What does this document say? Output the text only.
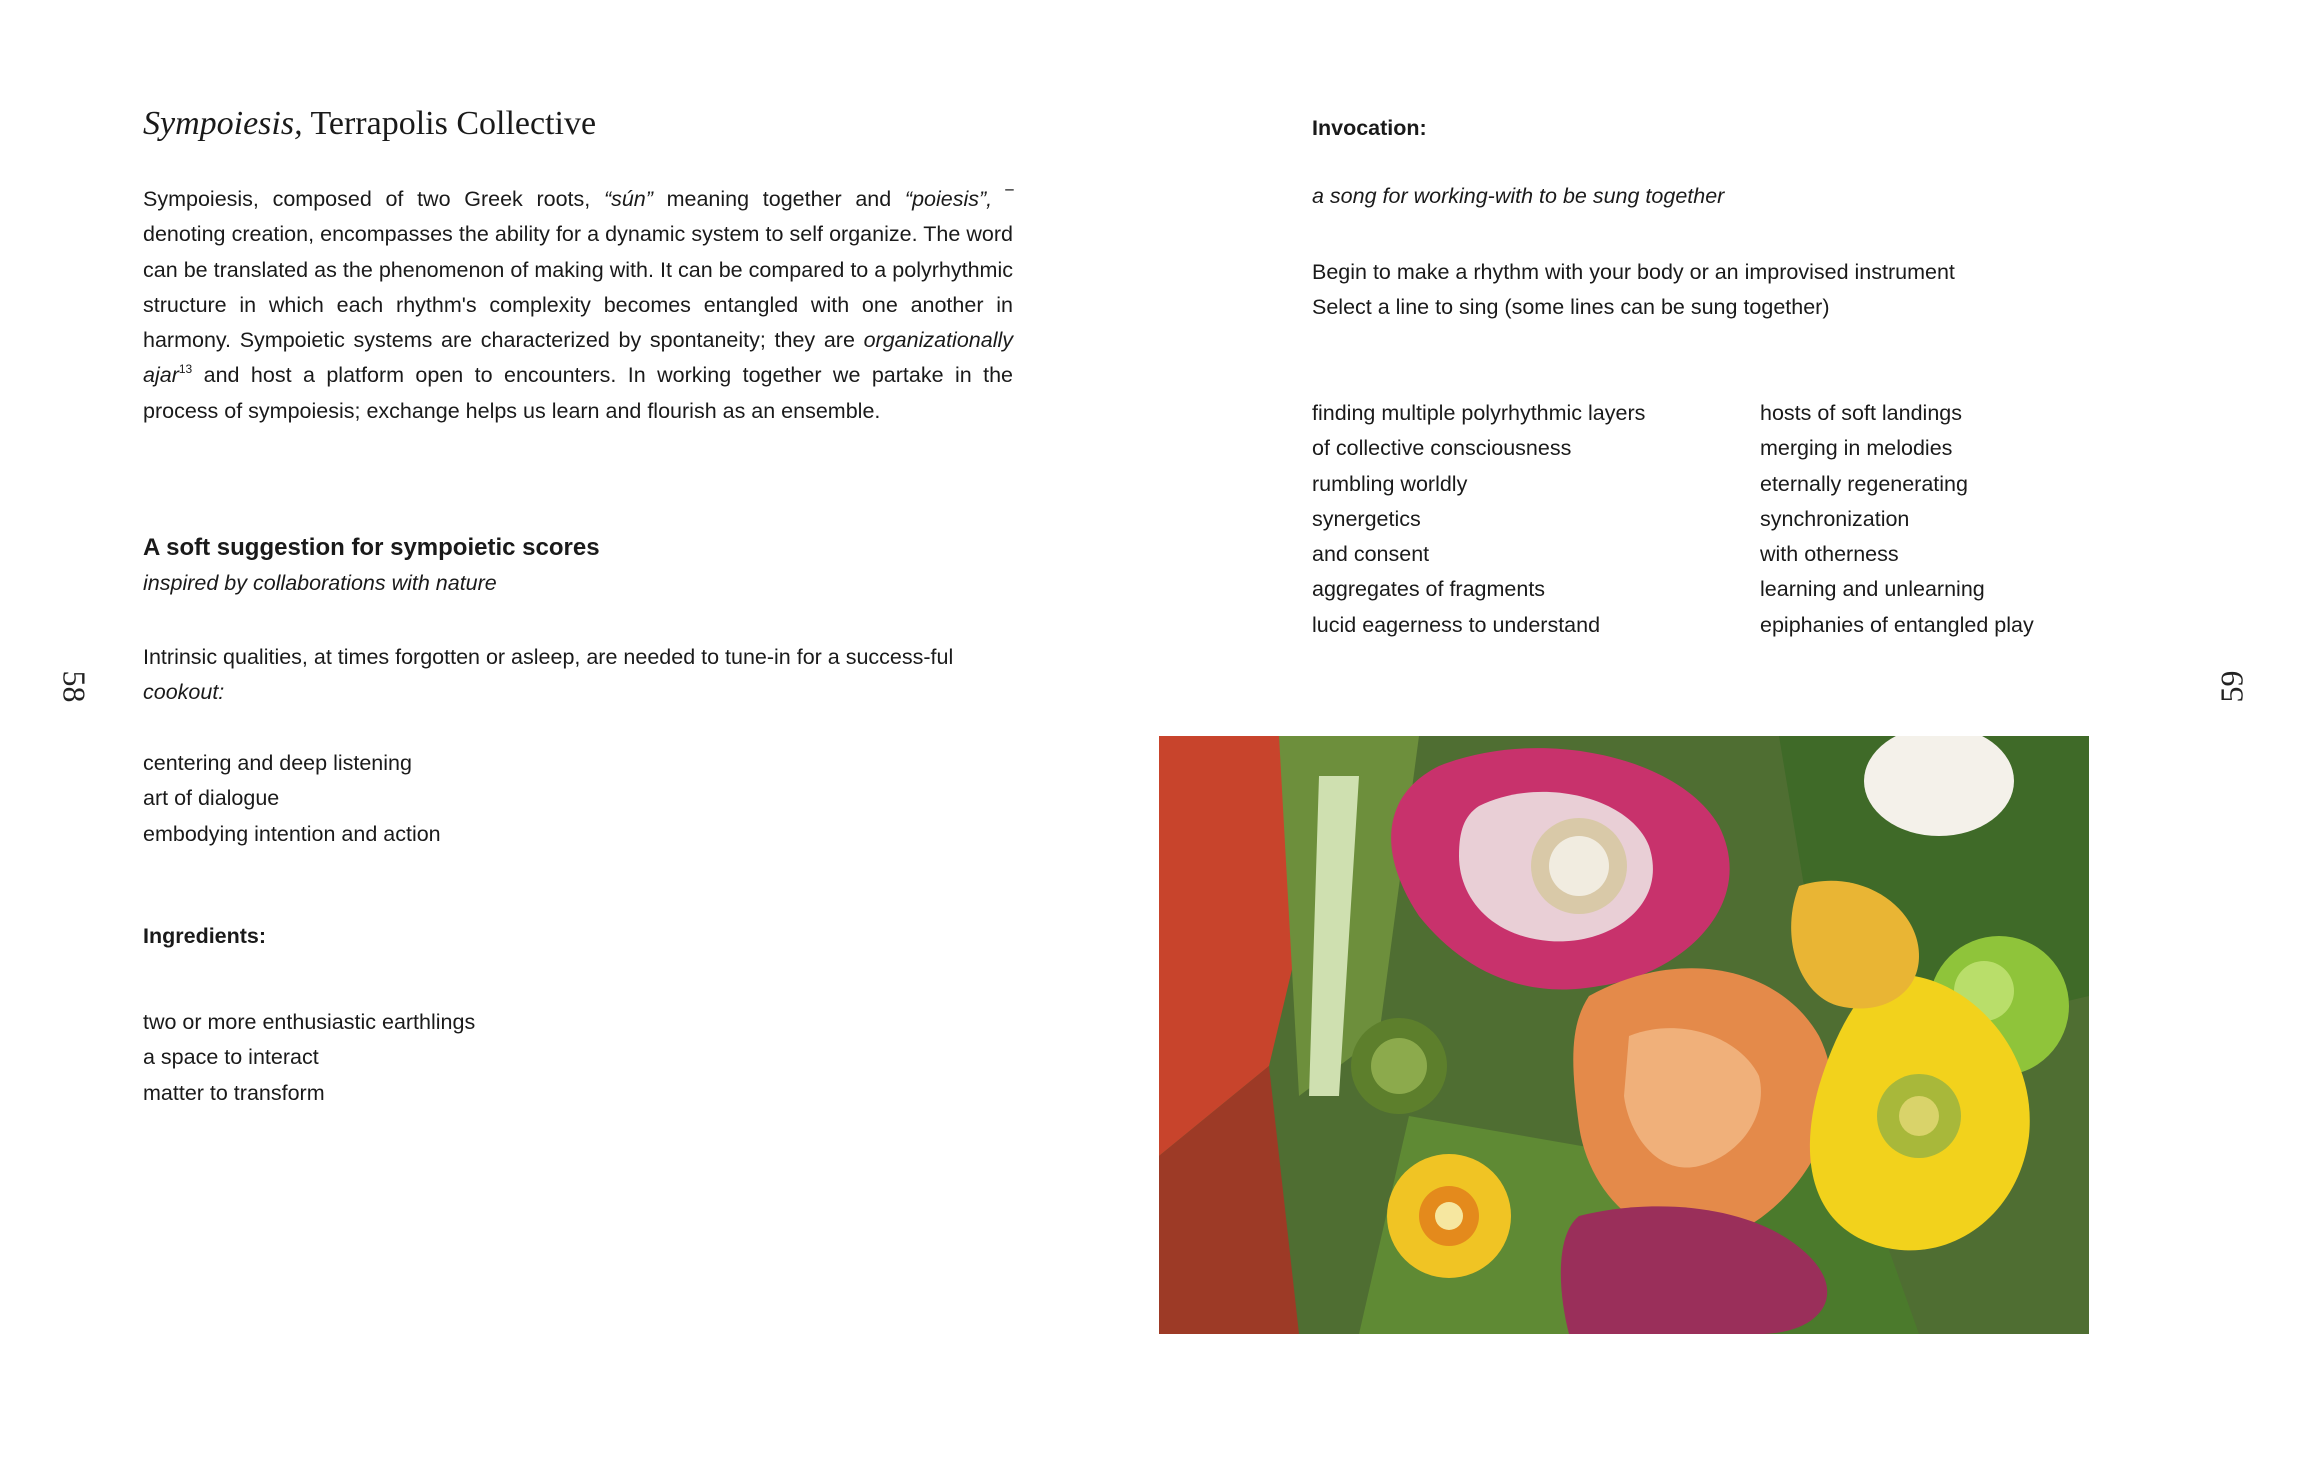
Sympoiesis, Terrapolis Collective
Sympoiesis, composed of two Greek roots, “sún” meaning together and “poiesis”, ‾ denoting creation, encompasses the ability for a dynamic system to self organize. The word can be translated as the phenomenon of making with. It can be compared to a polyrhythmic structure in which each rhythm's complexity becomes entangled with one another in harmony. Sympoietic systems are characterized by spontaneity; they are organizationally ajar$^{13}$ and host a platform open to encounters. In working together we partake in the process of sympoiesis; exchange helps us learn and flourish as an ensemble.
A soft suggestion for sympoietic scores
inspired by collaborations with nature
Intrinsic qualities, at times forgotten or asleep, are needed to tune-in for a success-ful cookout:
centering and deep listening
art of dialogue
embodying intention and action
Ingredients:
two or more enthusiastic earthlings
a space to interact
matter to transform
58
Invocation:
a song for working-with to be sung together
Begin to make a rhythm with your body or an improvised instrument
Select a line to sing (some lines can be sung together)
finding multiple polyrhythmic layers
of collective consciousness
rumbling worldly
synergetics
and consent
aggregates of fragments
lucid eagerness to understand
hosts of soft landings
merging in melodies
eternally regenerating
synchronization
with otherness
learning and unlearning
epiphanies of entangled play
59
